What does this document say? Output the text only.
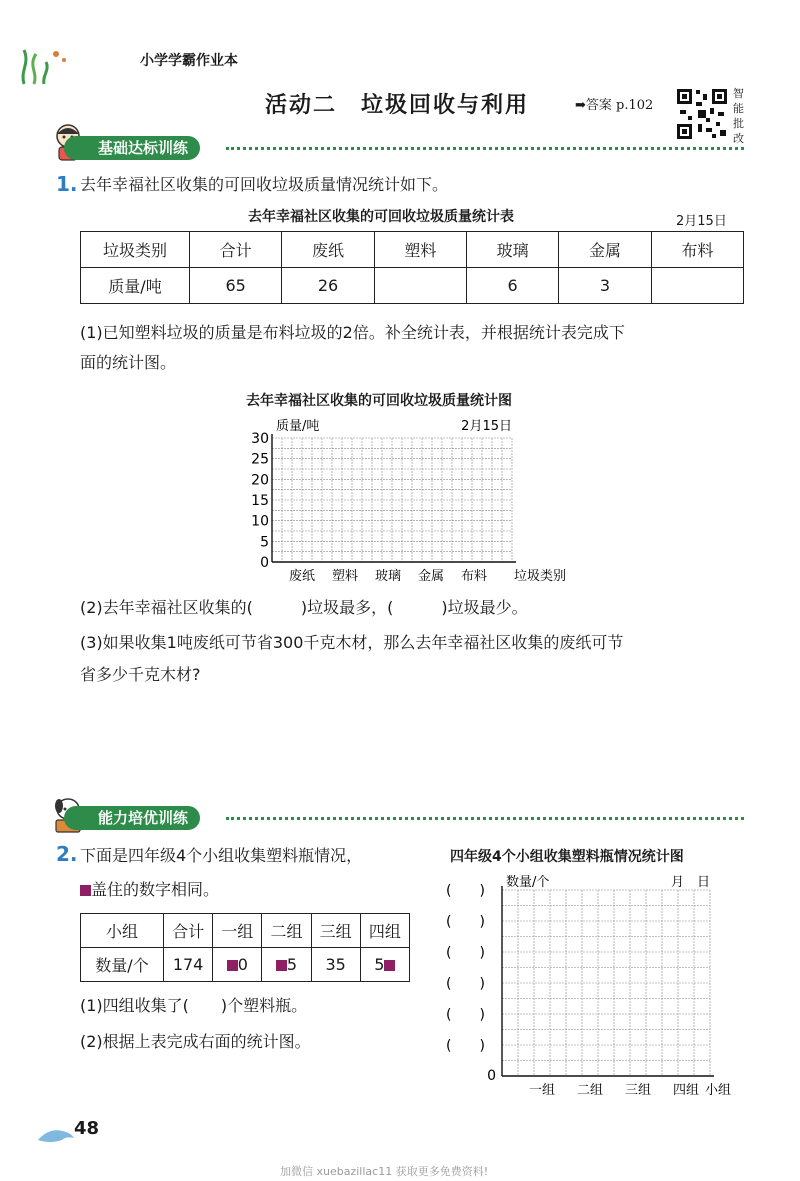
小学学霸作业本
活动二　垃圾回收与利用	➡答案 p.102
智能批改
基础达标训练
1. 去年幸福社区收集的可回收垃圾质量情况统计如下。
去年幸福社区收集的可回收垃圾质量统计表	2月15日
垃圾类别	合计	废纸	塑料	玻璃	金属	布料
质量/吨	65	26		6	3	
(1)已知塑料垃圾的质量是布料垃圾的2倍。补全统计表，并根据统计表完成下
面的统计图。
去年幸福社区收集的可回收垃圾质量统计图
0
5
10
15
20
25
30
质量/吨	2月15日
废纸 塑料 玻璃 金属 布料 垃圾类别
(2)去年幸福社区收集的(　　　)垃圾最多，(　　　)垃圾最少。
(3)如果收集1吨废纸可节省300千克木材，那么去年幸福社区收集的废纸可节
省多少千克木材?
能力培优训练
2. 下面是四年级4个小组收集塑料瓶情况，
盖住的数字相同。
小组	合计	一组	二组	三组	四组
数量/个	174	0	5	35	5
(1)四组收集了(　　)个塑料瓶。
(2)根据上表完成右面的统计图。
四年级4个小组收集塑料瓶情况统计图
(　　)
(　　)
(　　)
(　　)
(　　)
(　　)
0
数量/个	月　日
一组 二组 三组 四组 小组
48
加微信 xuebazillac11 获取更多免费资料!
